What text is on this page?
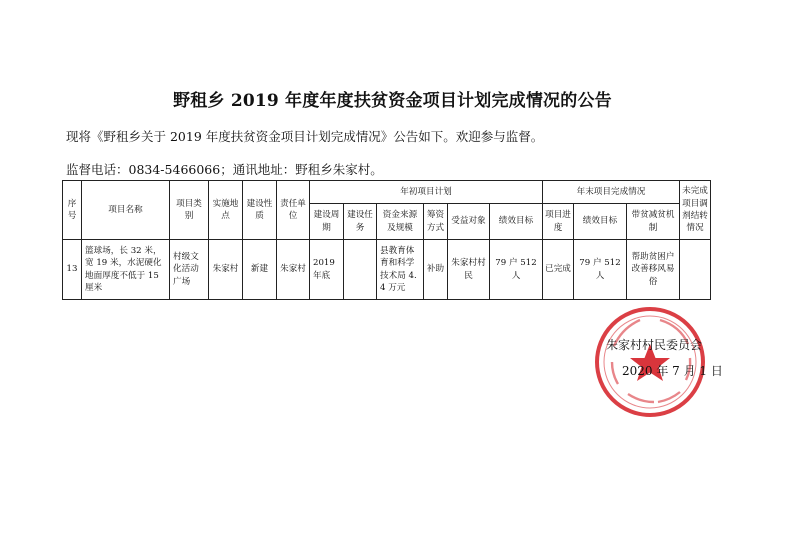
野租乡 2019 年度年度扶贫资金项目计划完成情况的公告
现将《野租乡关于 2019 年度扶贫资金项目计划完成情况》公告如下。欢迎参与监督。
监督电话：0834-5466066；通讯地址：野租乡朱家村。
序号	项目名称	项目类别	实施地点	建设性质	责任单位	年初项目计划						年末项目完成情况			未完成项目调剂结转情况
						建设周期	建设任务	资金来源及规模	筹资方式	受益对象	绩效目标	项目进度	绩效目标	带贫减贫机制	
13	篮球场，长 32 米，宽 19 米，水泥硬化地面厚度不低于 15 厘米	村级文化活动广场	朱家村	新建	朱家村	2019 年底		县教育体育和科学技术局 4.4 万元	补助	朱家村村民	79 户 512 人	已完成	79 户 512 人	帮助贫困户改善移风易俗	
朱家村村民委员会
2020 年 7 月 1 日
